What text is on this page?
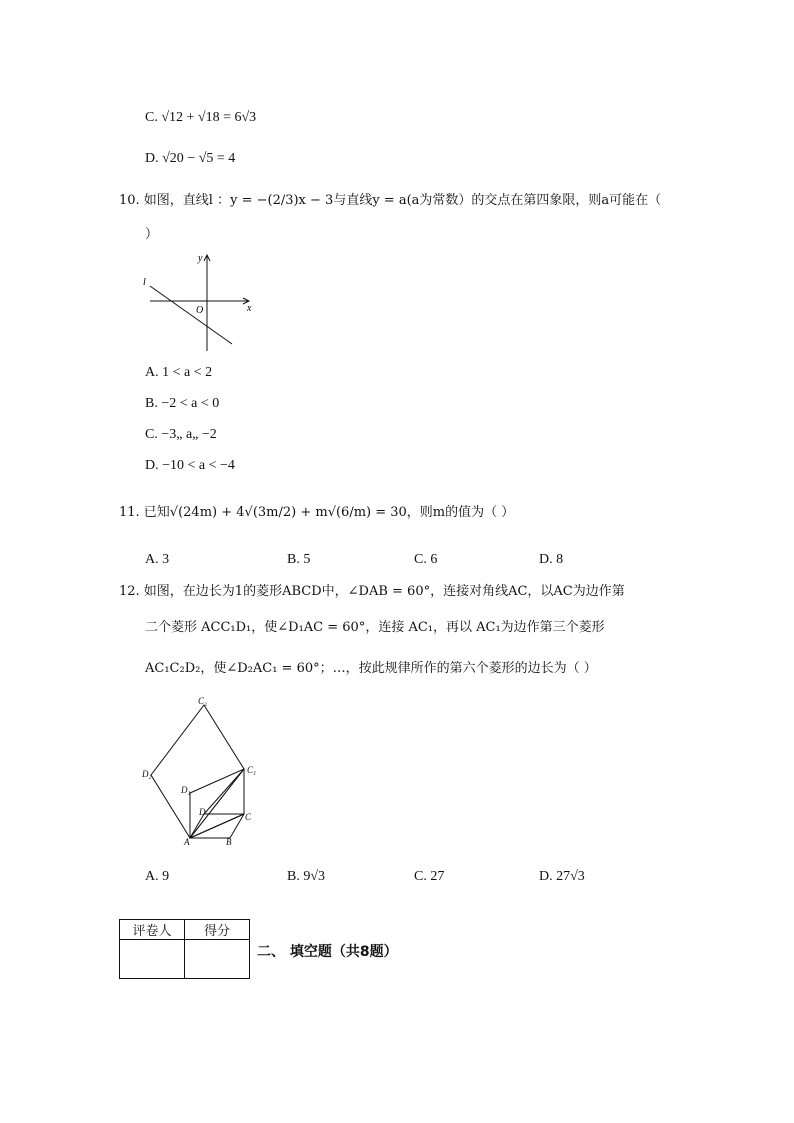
C. √12 + √18 = 6√3
D. √20 − √5 = 4
10. 如图，直线l ：y = −(2/3)x − 3与直线y = a(a为常数）的交点在第四象限，则a可能在（
）
y
x
O
l
A. 1 < a < 2
B. −2 < a < 0
C. −3„ a„ −2
D. −10 < a < −4
11. 已知√(24m) + 4√(3m/2) + m√(6/m) = 30，则m的值为（ ）
A. 3	B. 5	C. 6	D. 8
12. 如图，在边长为1的菱形ABCD中，∠DAB = 60°，连接对角线AC，以AC为边作第
二个菱形 ACC₁D₁，使∠D₁AC = 60°，连接 AC₁，再以 AC₁为边作第三个菱形
AC₁C₂D₂，使∠D₂AC₁ = 60°；…，按此规律所作的第六个菱形的边长为（ ）
C₂
D₂	C₁
D₁
D	C
A	B
A. 9	B. 9√3	C. 27	D. 27√3
评卷人	得分

二、 填空题（共8题）
